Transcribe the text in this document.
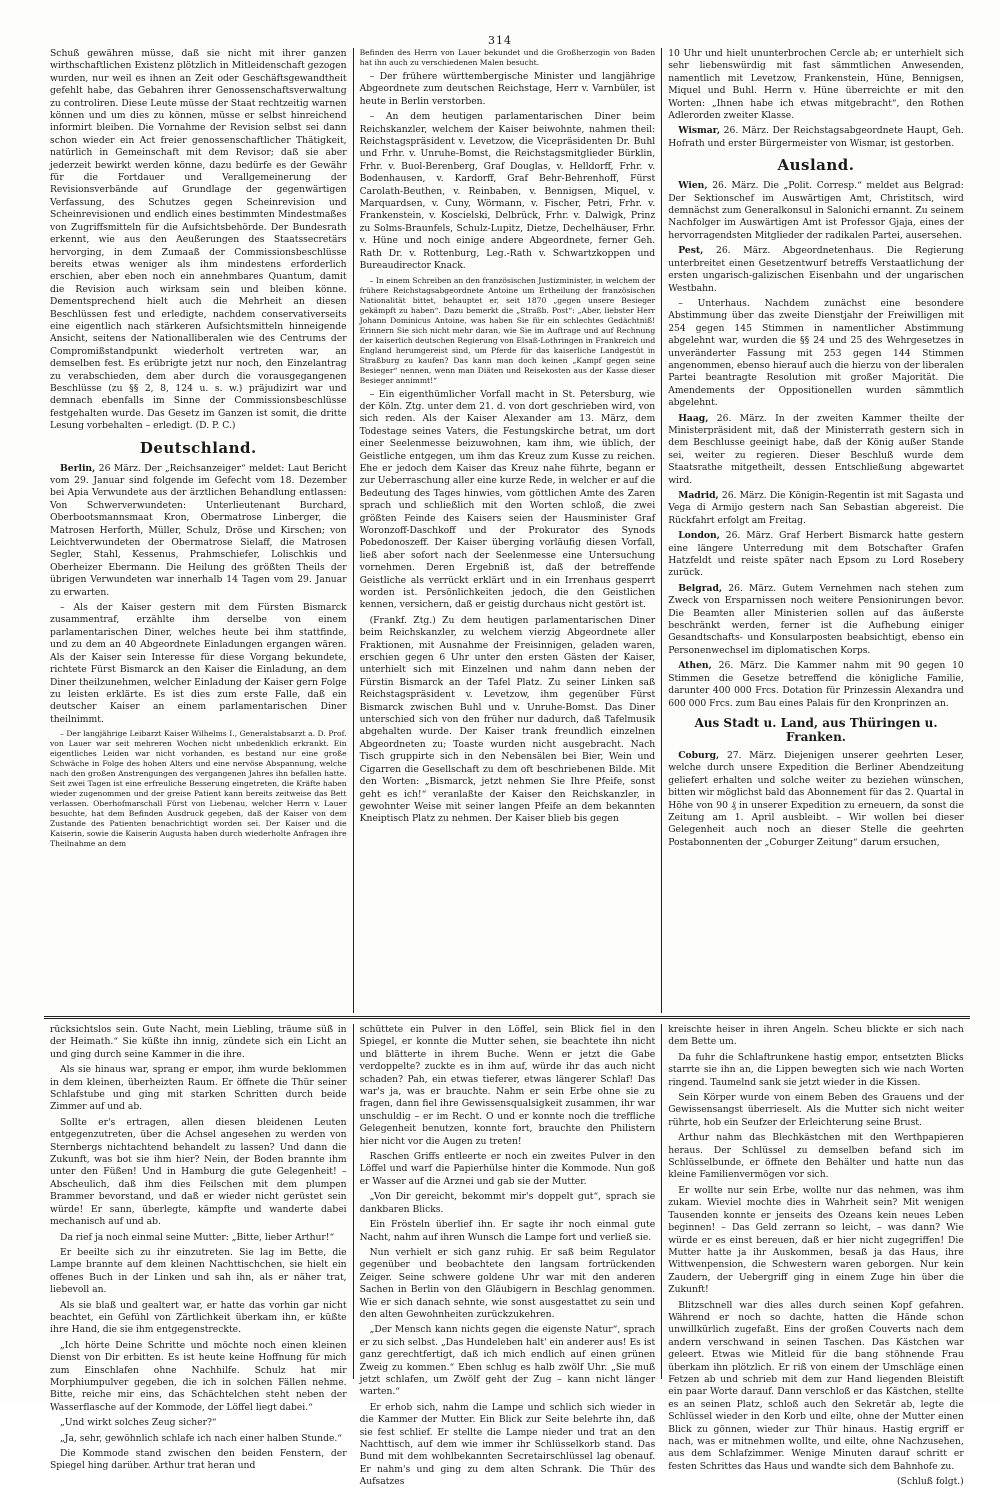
314

Schuß gewähren müsse, daß sie nicht mit ihrer ganzen wirthschaftlichen Existenz plötzlich in Mitleidenschaft gezogen wurden, nur weil es ihnen an Zeit oder Geschäftsgewandtheit gefehlt habe, das Gebahren ihrer Genossenschaftsverwaltung zu controliren. Diese Leute müsse der Staat rechtzeitig warnen können und um dies zu können, müsse er selbst hinreichend informirt bleiben. Die Vornahme der Revision selbst sei dann schon wieder ein Act freier genossenschaftlicher Thätigkeit, natürlich in Gemeinschaft mit dem Revisor; daß sie aber jederzeit bewirkt werden könne, dazu bedürfe es der Gewähr für die Fortdauer und Verallgemeinerung der Revisionsverbände auf Grundlage der gegenwärtigen Verfassung, des Schutzes gegen Scheinrevision und Scheinrevisionen und endlich eines bestimmten Mindestmaßes von Zugriffsmitteln für die Aufsichtsbehörde. Der Bundesrath erkennt, wie aus den Aeußerungen des Staatssecretärs hervorging, in dem Zumaaß der Commissionsbeschlüsse bereits etwas weniger als ihm mindestens erforderlich erschien, aber eben noch ein annehmbares Quantum, damit die Revision auch wirksam sein und bleiben könne. Dementsprechend hielt auch die Mehrheit an diesen Beschlüssen fest und erledigte, nachdem conservativerseits eine eigentlich nach stärkeren Aufsichtsmitteln hinneigende Ansicht, seitens der Nationalliberalen wie des Centrums der Compromißstandpunkt wiederholt vertreten war, an demselben fest. Es erübrigte jetzt nur noch, den Einzelantrag zu verabschieden, dem aber durch die vorausgegangenen Beschlüsse (zu §§ 2, 8, 124 u. s. w.) präjudizirt war und demnach ebenfalls im Sinne der Commissionsbeschlüsse festgehalten wurde. Das Gesetz im Ganzen ist somit, die dritte Lesung vorbehalten – erledigt. (D. P. C.)

Deutschland.

Berlin, 26 März. Der „Reichsanzeiger“ meldet: Laut Bericht vom 29. Januar sind folgende im Gefecht vom 18. Dezember bei Apia Verwundete aus der ärztlichen Behandlung entlassen: Von Schwerverwundeten: Unterlieutenant Burchard, Oberbootsmannsmaat Kron, Obermatrose Linberger, die Matrosen Herforth, Müller, Schulz, Dröse und Kirschen; von Leichtverwundeten der Obermatrose Sielaff, die Matrosen Segler, Stahl, Kessenus, Prahmschiefer, Lolischkis und Oberheizer Ebermann. Die Heilung des größten Theils der übrigen Verwundeten war innerhalb 14 Tagen vom 29. Januar zu erwarten.

– Als der Kaiser gestern mit dem Fürsten Bismarck zusammentraf, erzählte ihm derselbe von einem parlamentarischen Diner, welches heute bei ihm stattfinde, und zu dem an 40 Abgeordnete Einladungen ergangen wären. Als der Kaiser sein Interesse für diese Vorgang bekundete, richtete Fürst Bismarck an den Kaiser die Einladung, an dem Diner theilzunehmen, welcher Einladung der Kaiser gern Folge zu leisten erklärte. Es ist dies zum erste Falle, daß ein deutscher Kaiser an einem parlamentarischen Diner theilnimmt.

– Der langjährige Leibarzt Kaiser Wilhelms I., Generalstabsarzt a. D. Prof. von Lauer war seit mehreren Wochen nicht unbedenklich erkrankt. Ein eigentliches Leiden war nicht vorhanden, es bestand nur eine große Schwäche in Folge des hohen Alters und eine nervöse Abspannung, welche nach den großen Anstrengungen des vergangenen Jahres ihn befallen hatte. Seit zwei Tagen ist eine erfreuliche Besserung eingetreten, die Kräfte haben wieder zugenommen und der greise Patient kann bereits zeitweise das Bett verlassen. Oberhofmarschall Fürst von Liebenau, welcher Herrn v. Lauer besuchte, hat dem Befinden Ausdruck gegeben, daß der Kaiser von dem Zustande des Patienten benachrichtigt worden sei. Der Kaiser und die Kaiserin, sowie die Kaiserin Augusta haben durch wiederholte Anfragen ihre Theilnahme an dem

Befinden des Herrn von Lauer bekundet und die Großherzogin von Baden hat ihn auch zu verschiedenen Malen besucht.

– Der frühere württembergische Minister und langjährige Abgeordnete zum deutschen Reichstage, Herr v. Varnbüler, ist heute in Berlin verstorben.

– An dem heutigen parlamentarischen Diner beim Reichskanzler, welchem der Kaiser beiwohnte, nahmen theil: Reichstagspräsident v. Levetzow, die Vicepräsidenten Dr. Buhl und Frhr. v. Unruhe-Bomst, die Reichstagsmitglieder Bürklin, Frhr. v. Buol-Berenberg, Graf Douglas, v. Helldorff, Frhr. v. Bodenhausen, v. Kardorff, Graf Behr-Behrenhoff, Fürst Carolath-Beuthen, v. Reinbaben, v. Bennigsen, Miquel, v. Marquardsen, v. Cuny, Wörmann, v. Fischer, Petri, Frhr. v. Frankenstein, v. Koscielski, Delbrück, Frhr. v. Dalwigk, Prinz zu Solms-Braunfels, Schulz-Lupitz, Dietze, Dechelhäuser, Frhr. v. Hüne und noch einige andere Abgeordnete, ferner Geh. Rath Dr. v. Rottenburg, Leg.-Rath v. Schwartzkoppen und Bureaudirector Knack.

– In einem Schreiben an den französischen Justizminister, in welchem der frühere Reichstagsabgeordnete Antoine um Ertheilung der französischen Nationalität bittet, behauptet er, seit 1870 „gegen unsere Besieger gekämpft zu haben“. Dazu bemerkt die „Straßb. Post“: „Aber, liebster Herr Johann Dominicus Antoine, was haben Sie für ein schlechtes Gedächtniß! Erinnern Sie sich nicht mehr daran, wie Sie im Auftrage und auf Rechnung der kaiserlich deutschen Regierung von Elsaß-Lothringen in Frankreich und England herumgereist sind, um Pferde für das kaiserliche Landgestüt in Straßburg zu kaufen? Das kann man doch keinen „Kampf gegen seine Besieger“ nennen, wenn man Diäten und Reisekosten aus der Kasse dieser Besieger annimmt!“

– Ein eigenthümlicher Vorfall macht in St. Petersburg, wie der Köln. Ztg. unter dem 21. d. von dort geschrieben wird, von sich reden. Als der Kaiser Alexander am 13. März, dem Todestage seines Vaters, die Festungskirche betrat, um dort einer Seelenmesse beizuwohnen, kam ihm, wie üblich, der Geistliche entgegen, um ihm das Kreuz zum Kusse zu reichen. Ehe er jedoch dem Kaiser das Kreuz nahe führte, begann er zur Ueberraschung aller eine kurze Rede, in welcher er auf die Bedeutung des Tages hinwies, vom göttlichen Amte des Zaren sprach und schließlich mit den Worten schloß, die zwei größten Feinde des Kaisers seien der Hausminister Graf Woronzoff-Daschkoff und der Prokurator des Synods Pobedonoszeff. Der Kaiser überging vorläufig diesen Vorfall, ließ aber sofort nach der Seelenmesse eine Untersuchung vornehmen. Deren Ergebniß ist, daß der betreffende Geistliche als verrückt erklärt und in ein Irrenhaus gesperrt worden ist. Persönlichkeiten jedoch, die den Geistlichen kennen, versichern, daß er geistig durchaus nicht gestört ist.

(Frankf. Ztg.) Zu dem heutigen parlamentarischen Diner beim Reichskanzler, zu welchem vierzig Abgeordnete aller Fraktionen, mit Ausnahme der Freisinnigen, geladen waren, erschien gegen 6 Uhr unter den ersten Gästen der Kaiser, unterhielt sich mit Einzelnen und nahm dann neben der Fürstin Bismarck an der Tafel Platz. Zu seiner Linken saß Reichstagspräsident v. Levetzow, ihm gegenüber Fürst Bismarck zwischen Buhl und v. Unruhe-Bomst. Das Diner unterschied sich von den früher nur dadurch, daß Tafelmusik abgehalten wurde. Der Kaiser trank freundlich einzelnen Abgeordneten zu; Toaste wurden nicht ausgebracht. Nach Tisch gruppirte sich in den Nebensälen bei Bier, Wein und Cigarren die Gesellschaft zu dem oft beschriebenen Bilde. Mit den Worten: „Bismarck, jetzt nehmen Sie Ihre Pfeife, sonst geht es ich!“ veranlaßte der Kaiser den Reichskanzler, in gewohnter Weise mit seiner langen Pfeife an dem bekannten Kneiptisch Platz zu nehmen. Der Kaiser blieb bis gegen

10 Uhr und hielt ununterbrochen Cercle ab; er unterhielt sich sehr liebenswürdig mit fast sämmtlichen Anwesenden, namentlich mit Levetzow, Frankenstein, Hüne, Bennigsen, Miquel und Buhl. Herrn v. Hüne überreichte er mit den Worten: „Ihnen habe ich etwas mitgebracht“, den Rothen Adlerorden zweiter Klasse.

Wismar, 26. März. Der Reichstagsabgeordnete Haupt, Geh. Hofrath und erster Bürgermeister von Wismar, ist gestorben.

Ausland.

Wien, 26. März. Die „Polit. Corresp.“ meldet aus Belgrad: Der Sektionschef im Auswärtigen Amt, Christitsch, wird demnächst zum Generalkonsul in Salonichi ernannt. Zu seinem Nachfolger im Auswärtigen Amt ist Professor Gjaja, eines der hervorragendsten Mitglieder der radikalen Partei, ausersehen.

Pest, 26. März. Abgeordnetenhaus. Die Regierung unterbreitet einen Gesetzentwurf betreffs Verstaatlichung der ersten ungarisch-galizischen Eisenbahn und der ungarischen Westbahn.

– Unterhaus. Nachdem zunächst eine besondere Abstimmung über das zweite Dienstjahr der Freiwilligen mit 254 gegen 145 Stimmen in namentlicher Abstimmung abgelehnt war, wurden die §§ 24 und 25 des Wehrgesetzes in unveränderter Fassung mit 253 gegen 144 Stimmen angenommen, ebenso hierauf auch die hierzu von der liberalen Partei beantragte Resolution mit großer Majorität. Die Amendements der Oppositionellen wurden sämmtlich abgelehnt.

Haag, 26. März. In der zweiten Kammer theilte der Ministerpräsident mit, daß der Ministerrath gestern sich in dem Beschlusse geeinigt habe, daß der König außer Stande sei, weiter zu regieren. Dieser Beschluß wurde dem Staatsrathe mitgetheilt, dessen Entschließung abgewartet wird.

Madrid, 26. März. Die Königin-Regentin ist mit Sagasta und Vega di Armijo gestern nach San Sebastian abgereist. Die Rückfahrt erfolgt am Freitag.

London, 26. März. Graf Herbert Bismarck hatte gestern eine längere Unterredung mit dem Botschafter Grafen Hatzfeldt und reiste später nach Epsom zu Lord Rosebery zurück.

Belgrad, 26. März. Gutem Vernehmen nach stehen zum Zweck von Ersparnissen noch weitere Pensionirungen bevor. Die Beamten aller Ministerien sollen auf das äußerste beschränkt werden, ferner ist die Aufhebung einiger Gesandtschafts- und Konsularposten beabsichtigt, ebenso ein Personenwechsel im diplomatischen Korps.

Athen, 26. März. Die Kammer nahm mit 90 gegen 10 Stimmen die Gesetze betreffend die königliche Familie, darunter 400 000 Frcs. Dotation für Prinzessin Alexandra und 600 000 Frcs. zum Bau eines Palais für den Kronprinzen an.

Aus Stadt u. Land, aus Thüringen u. Franken.

Coburg, 27. März. Diejenigen unserer geehrten Leser, welche durch unsere Expedition die Berliner Abendzeitung geliefert erhalten und solche weiter zu beziehen wünschen, bitten wir möglichst bald das Abonnement für das 2. Quartal in Höhe von 90 ₰ in unserer Expedition zu erneuern, da sonst die Zeitung am 1. April ausbleibt. – Wir wollen bei dieser Gelegenheit auch noch an dieser Stelle die geehrten Postabonnenten der „Coburger Zeitung“ darum ersuchen,

rücksichtslos sein. Gute Nacht, mein Liebling, träume süß in der Heimath.“ Sie küßte ihn innig, zündete sich ein Licht an und ging durch seine Kammer in die ihre.

Als sie hinaus war, sprang er empor, ihm wurde beklommen in dem kleinen, überheizten Raum. Er öffnete die Thür seiner Schlafstube und ging mit starken Schritten durch beide Zimmer auf und ab.

Sollte er's ertragen, allen diesen bleidenen Leuten entgegenzutreten, über die Achsel angesehen zu werden von Sternbergs nichtachtend behandelt zu lassen? Und dann die Zukunft, was bot sie ihm hier? Nein, der Boden brannte ihm unter den Füßen! Und in Hamburg die gute Gelegenheit! – Abscheulich, daß ihm dies Feilschen mit dem plumpen Brammer bevorstand, und daß er wieder nicht gerüstet sein würde! Er sann, überlegte, kämpfte und wanderte dabei mechanisch auf und ab.

Da rief ja noch einmal seine Mutter: „Bitte, lieber Arthur!“

Er beeilte sich zu ihr einzutreten. Sie lag im Bette, die Lampe brannte auf dem kleinen Nachttischchen, sie hielt ein offenes Buch in der Linken und sah ihn, als er näher trat, liebevoll an.

Als sie blaß und gealtert war, er hatte das vorhin gar nicht beachtet, ein Gefühl von Zärtlichkeit überkam ihn, er küßte ihre Hand, die sie ihm entgegenstreckte.

„Ich hörte Deine Schritte und möchte noch einen kleinen Dienst von Dir erbitten. Es ist heute keine Hoffnung für mich zum Einschlafen ohne Nachhilfe. Schulz hat mir Morphiumpulver gegeben, die ich in solchen Fällen nehme. Bitte, reiche mir eins, das Schächtelchen steht neben der Wasserflasche auf der Kommode, der Löffel liegt dabei.“

„Und wirkt solches Zeug sicher?“

„Ja, sehr, gewöhnlich schlafe ich nach einer halben Stunde.“

Die Kommode stand zwischen den beiden Fenstern, der Spiegel hing darüber. Arthur trat heran und

schüttete ein Pulver in den Löffel, sein Blick fiel in den Spiegel, er konnte die Mutter sehen, sie beachtete ihn nicht und blätterte in ihrem Buche. Wenn er jetzt die Gabe verdoppelte? zuckte es in ihm auf, würde ihr das auch nicht schaden? Pah, ein etwas tieferer, etwas längerer Schlaf! Das war's ja, was er brauchte. Nahm er sein Erbe ohne sie zu fragen, dann fiel ihre Gewissensqualsigkeit zusammen, ihr war unschuldig – er im Recht. O und er konnte noch die treffliche Gelegenheit benutzen, konnte fort, brauchte den Philistern hier nicht vor die Augen zu treten!

Raschen Griffs entleerte er noch ein zweites Pulver in den Löffel und warf die Papierhülse hinter die Kommode. Nun goß er Wasser auf die Arznei und gab sie der Mutter.

„Von Dir gereicht, bekommt mir's doppelt gut“, sprach sie dankbaren Blicks.

Ein Frösteln überlief ihn. Er sagte ihr noch einmal gute Nacht, nahm auf ihren Wunsch die Lampe fort und verließ sie.

Nun verhielt er sich ganz ruhig. Er saß beim Regulator gegenüber und beobachtete den langsam fortrückenden Zeiger. Seine schwere goldene Uhr war mit den anderen Sachen in Berlin von den Gläubigern in Beschlag genommen. Wie er sich danach sehnte, wie sonst ausgestattet zu sein und den alten Gewohnheiten zurückzukehren.

„Der Mensch kann nichts gegen die eigenste Natur“, sprach er zu sich selbst. „Das Hundeleben halt' ein anderer aus! Es ist ganz gerechtfertigt, daß ich mich endlich auf einen grünen Zweig zu kommen.“ Eben schlug es halb zwölf Uhr. „Sie muß jetzt schlafen, um Zwölf geht der Zug – kann nicht länger warten.“

Er erhob sich, nahm die Lampe und schlich sich wieder in die Kammer der Mutter. Ein Blick zur Seite belehrte ihn, daß sie fest schlief. Er stellte die Lampe nieder und trat an den Nachttisch, auf dem wie immer ihr Schlüsselkorb stand. Das Bund mit dem wohlbekannten Secretairschlüssel lag obenauf. Er nahm's und ging zu dem alten Schrank. Die Thür des Aufsatzes

kreischte heiser in ihren Angeln. Scheu blickte er sich nach dem Bette um.

Da fuhr die Schlaftrunkene hastig empor, entsetzten Blicks starrte sie ihn an, die Lippen bewegten sich wie nach Worten ringend. Taumelnd sank sie jetzt wieder in die Kissen.

Sein Körper wurde von einem Beben des Grauens und der Gewissensangst überrieselt. Als die Mutter sich nicht weiter rührte, hob ein Seufzer der Erleichterung seine Brust.

Arthur nahm das Blechkästchen mit den Werthpapieren heraus. Der Schlüssel zu demselben befand sich im Schlüsselbunde, er öffnete den Behälter und hatte nun das kleine Familienvermögen vor sich.

Er wollte nur sein Erbe, wollte nur das nehmen, was ihm zukam. Wieviel mochte dies in Wahrheit sein? Mit wenigen Tausenden konnte er jenseits des Ozeans kein neues Leben beginnen! – Das Geld zerrann so leicht, – was dann? Wie würde er es einst bereuen, daß er hier nicht zugegriffen! Die Mutter hatte ja ihr Auskommen, besaß ja das Haus, ihre Wittwenpension, die Schwestern waren geborgen. Nur kein Zaudern, der Uebergriff ging in einem Zuge hin über die Zukunft!

Blitzschnell war dies alles durch seinen Kopf gefahren. Während er noch so dachte, hatten die Hände schon unwillkürlich zugefaßt. Eins der großen Couverts nach dem andern verschwand in seinen Taschen. Das Kästchen war geleert. Etwas wie Mitleid für die bang stöhnende Frau überkam ihn plötzlich. Er riß von einem der Umschläge einen Fetzen ab und schrieb mit dem zur Hand liegenden Bleistift ein paar Worte darauf. Dann verschloß er das Kästchen, stellte es an seinen Platz, schloß auch den Sekretär ab, legte die Schlüssel wieder in den Korb und eilte, ohne der Mutter einen Blick zu gönnen, wieder zur Thür hinaus. Hastig ergriff er nach, was er mitnehmen wollte, und eilte, ohne Nachzusehen, aus dem Schlafzimmer. Wenige Minuten darauf schritt er festen Schrittes das Haus und wandte sich dem Bahnhofe zu.

(Schluß folgt.)
